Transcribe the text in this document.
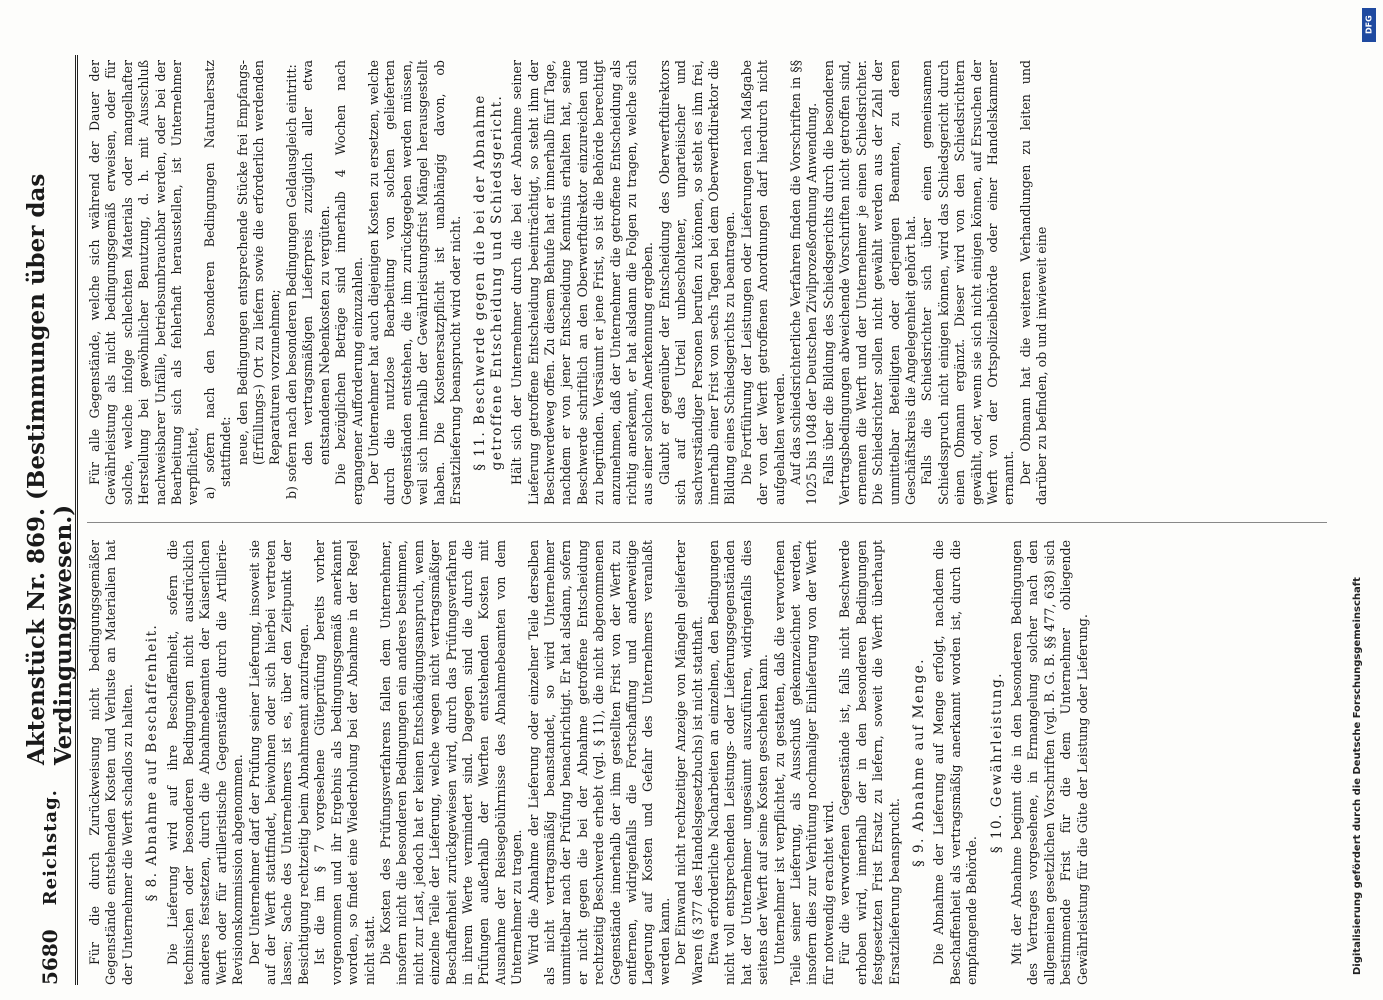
5680
Reichstag.
Aktenstück Nr. 869. (Bestimmungen über das Verdingungswesen.) Für die durch Zurückweisung nicht bedingungsgemäßer Gegenstände entstehenden Kosten und Verluste an Materialien hat der Unternehmer die Werft schadlos zu halten. § 8. Abnahme auf Beschaffenheit. Die Lieferung wird auf ihre Beschaffenheit, sofern die technischen oder besonderen Bedingungen nicht ausdrücklich anderes festsetzen, durch die Abnahmebeamten der Kaiserlichen Werft oder für artilleristische Gegenstände durch die Artillerie-Revisionskommission abgenommen. Der Unternehmer darf der Prüfung seiner Lieferung, insoweit sie auf der Werft stattfindet, beiwohnen oder sich hierbei vertreten lassen; Sache des Unternehmers ist es, über den Zeitpunkt der Besichtigung rechtzeitig beim Abnahmeamt anzufragen. Ist die im § 7 vorgesehene Güteprüfung bereits vorher vorgenommen und ihr Ergebnis als bedingungsgemäß anerkannt worden, so findet eine Wiederholung bei der Abnahme in der Regel nicht statt. Die Kosten des Prüfungsverfahrens fallen dem Unternehmer, insofern nicht die besonderen Bedingungen ein anderes bestimmen, nicht zur Last, jedoch hat er keinen Entschädigungsanspruch, wenn einzelne Teile der Lieferung, welche wegen nicht vertragsmäßiger Beschaffenheit zurückgewiesen wird, durch das Prüfungsverfahren in ihrem Werte vermindert sind. Dagegen sind die durch die Prüfungen außerhalb der Werften entstehenden Kosten mit Ausnahme der Reisegebührnisse des Abnahmebeamten von dem Unternehmer zu tragen. Wird die Abnahme der Lieferung oder einzelner Teile derselben als nicht vertragsmäßig beanstandet, so wird Unternehmer unmittelbar nach der Prüfung benachrichtigt. Er hat alsdann, sofern er nicht gegen die bei der Abnahme getroffene Entscheidung rechtzeitig Beschwerde erhebt (vgl. § 11), die nicht abgenommenen Gegenstände innerhalb der ihm gestellten Frist von der Werft zu entfernen, widrigenfalls die Fortschaffung und anderweitige Lagerung auf Kosten und Gefahr des Unternehmers veranlaßt werden kann. Der Einwand nicht rechtzeitiger Anzeige von Mängeln gelieferter Waren (§ 377 des Handelsgesetzbuchs) ist nicht statthaft. Etwa erforderliche Nacharbeiten an einzelnen, den Bedingungen nicht voll entsprechenden Leistungs- oder Lieferungsgegenständen hat der Unternehmer ungesäumt auszuführen, widrigenfalls dies seitens der Werft auf seine Kosten geschehen kann. Unternehmer ist verpflichtet, zu gestatten, daß die verworfenen Teile seiner Lieferung, als Ausschuß gekennzeichnet werden, insofern dies zur Verhütung nochmaliger Einlieferung von der Werft für notwendig erachtet wird. Für die verworfenen Gegenstände ist, falls nicht Beschwerde erhoben wird, innerhalb der in den besonderen Bedingungen festgesetzten Frist Ersatz zu liefern, soweit die Werft überhaupt Ersatzlieferung beansprucht.

§ 9. Abnahme auf Menge. Die Abnahme der Lieferung auf Menge erfolgt, nachdem die Beschaffenheit als vertragsmäßig anerkannt worden ist, durch die empfangende Behörde.

§ 10. Gewährleistung. Mit der Abnahme beginnt die in den besonderen Bedingungen des Vertrages vorgesehene, in Ermangelung solcher nach den allgemeinen gesetzlichen Vorschriften (vgl. B. G. B. §§ 477, 638) sich bestimmende Frist für die dem Unternehmer obliegende Gewährleistung für die Güte der Leistung oder Lieferung.

Für alle Gegenstände, welche sich während der Dauer der Gewährleistung als nicht bedingungsgemäß erweisen, oder für solche, welche infolge schlechten Materials oder mangelhafter Herstellung bei gewöhnlicher Benutzung, d. h. mit Ausschluß nachweisbarer Unfälle, betriebsunbrauchbar werden, oder bei der Bearbeitung sich als fehlerhaft herausstellen, ist Unternehmer verpflichtet, a) sofern nach den besonderen Bedingungen Naturalersatz stattfindet: neue, den Bedingungen entsprechende Stücke frei Empfangs- (Erfüllungs-) Ort zu liefern sowie die erforderlich werdenden Reparaturen vorzunehmen; b) sofern nach den besonderen Bedingungen Geldausgleich eintritt: den vertragsmäßigen Lieferpreis zuzüglich aller etwa entstandenen Nebenkosten zu vergüten. Die bezüglichen Beträge sind innerhalb 4 Wochen nach ergangener Aufforderung einzuzahlen. Der Unternehmer hat auch diejenigen Kosten zu ersetzen, welche durch die nutzlose Bearbeitung von solchen gelieferten Gegenständen entstehen, die ihm zurückgegeben werden müssen, weil sich innerhalb der Gewährleistungsfrist Mängel herausgestellt haben. Die Kostenersatzpflicht ist unabhängig davon, ob Ersatzlieferung beansprucht wird oder nicht. § 11. Beschwerde gegen die bei der Abnahme getroffene Entscheidung und Schiedsgericht. Hält sich der Unternehmer durch die bei der Abnahme seiner Lieferung getroffene Entscheidung beeinträchtigt, so steht ihm der Beschwerdeweg offen. Zu diesem Behufe hat er innerhalb fünf Tage, nachdem er von jener Entscheidung Kenntnis erhalten hat, seine Beschwerde schriftlich an den Oberwerftdirektor einzureichen und zu begründen. Versäumt er jene Frist, so ist die Behörde berechtigt anzunehmen, daß der Unternehmer die getroffene Entscheidung als richtig anerkennt, er hat alsdann die Folgen zu tragen, welche sich aus einer solchen Anerkennung ergeben. Glaubt er gegenüber der Entscheidung des Oberwerftdirektors sich auf das Urteil unbescholtener, unparteiischer und sachverständiger Personen berufen zu können, so steht es ihm frei, innerhalb einer Frist von sechs Tagen bei dem Oberwerftdirektor die Bildung eines Schiedsgerichts zu beantragen. Die Fortführung der Leistungen oder Lieferungen nach Maßgabe der von der Werft getroffenen Anordnungen darf hierdurch nicht aufgehalten werden. Auf das schiedsrichterliche Verfahren finden die Vorschriften in §§ 1025 bis 1048 der Deutschen Zivilprozeßordnung Anwendung. Falls über die Bildung des Schiedsgerichts durch die besonderen Vertragsbedingungen abweichende Vorschriften nicht getroffen sind, ernennen die Werft und der Unternehmer je einen Schiedsrichter. Die Schiedsrichter sollen nicht gewählt werden aus der Zahl der unmittelbar Beteiligten oder derjenigen Beamten, zu deren Geschäftskreis die Angelegenheit gehört hat. Falls die Schiedsrichter sich über einen gemeinsamen Schiedsspruch nicht einigen können, wird das Schiedsgericht durch einen Obmann ergänzt. Dieser wird von den Schiedsrichtern gewählt, oder, wenn sie sich nicht einigen können, auf Ersuchen der Werft von der Ortspolizeibehörde oder einer Handelskammer ernannt. Der Obmann hat die weiteren Verhandlungen zu leiten und darüber zu befinden, ob und inwieweit eine

Digitalisierung gefördert durch die Deutsche Forschungsgemeinschaft
DFG
